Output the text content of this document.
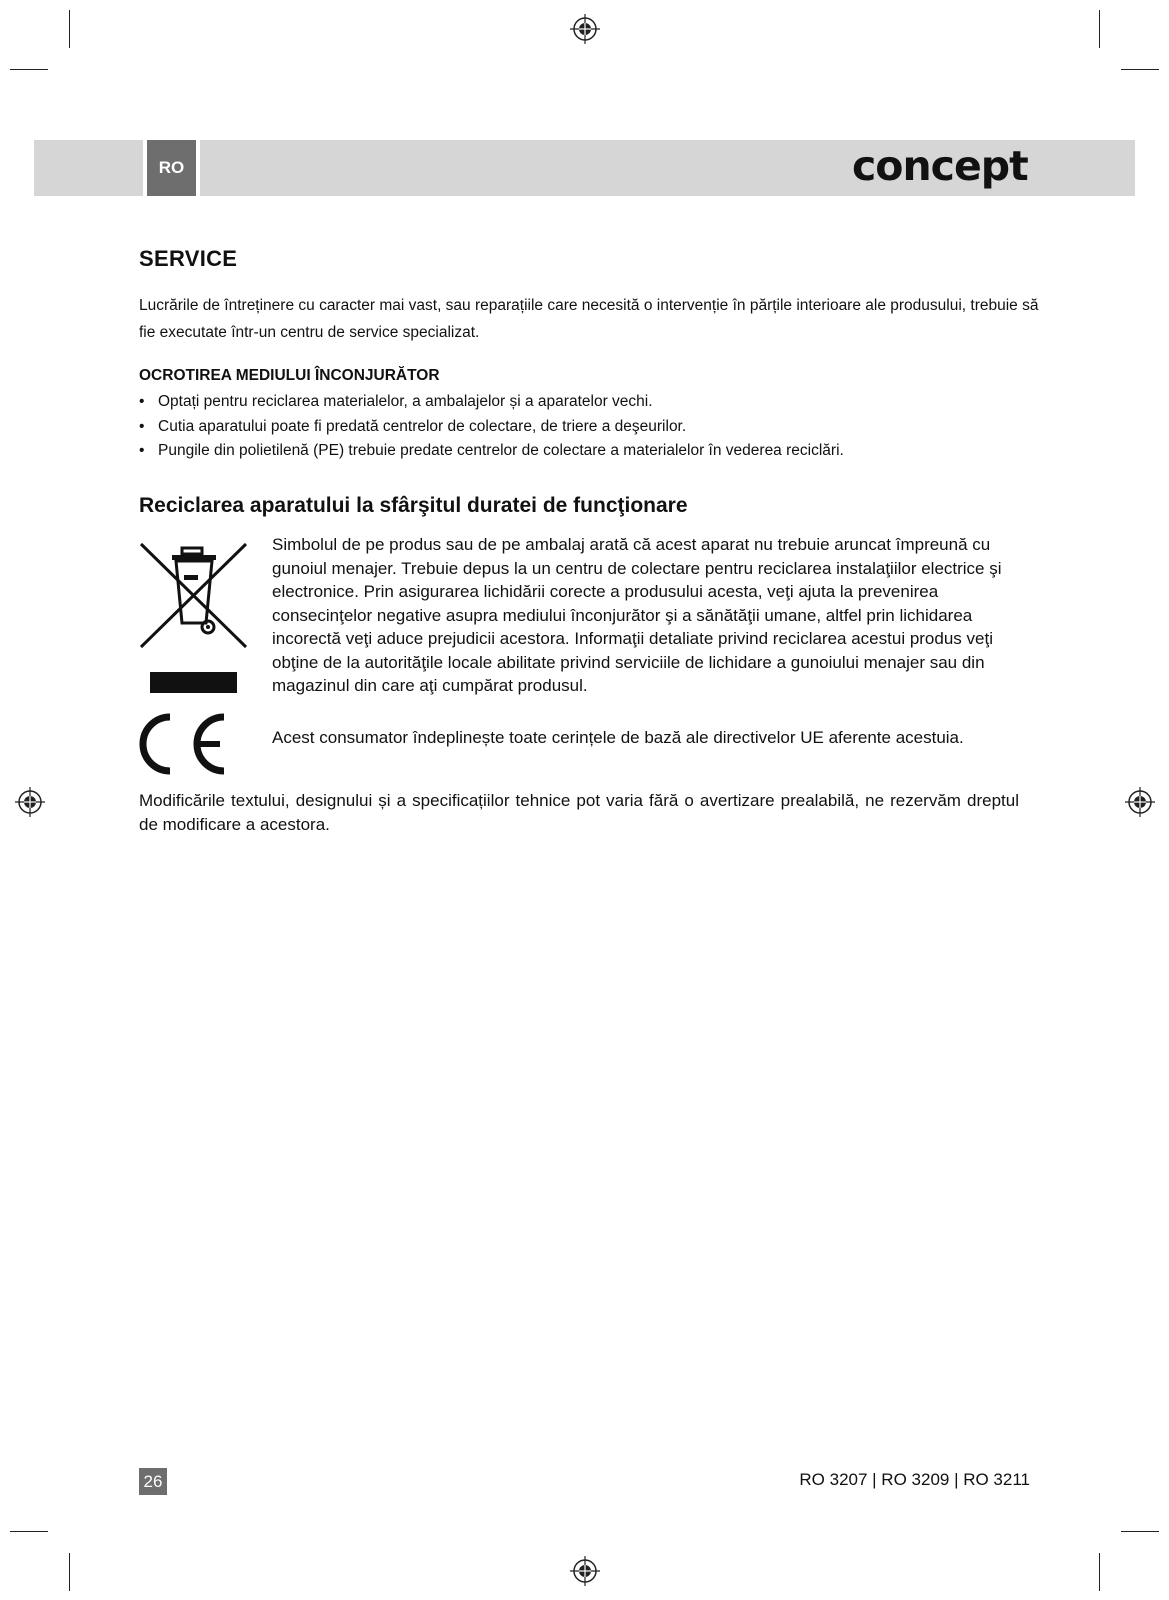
RO	concept
SERVICE

Lucrările de întreținere cu caracter mai vast, sau reparațiile care necesită o intervenție în părțile interioare ale produsului, trebuie să fie executate într-un centru de service specializat.

OCROTIREA MEDIULUI ÎNCONJURĂTOR
• Optați pentru reciclarea materialelor, a ambalajelor și a aparatelor vechi.
• Cutia aparatului poate fi predată centrelor de colectare, de triere a deşeurilor.
• Pungile din polietilenă (PE) trebuie predate centrelor de colectare a materialelor în vederea reciclări.
Reciclarea aparatului la sfârşitul duratei de funcţionare

Simbolul de pe produs sau de pe ambalaj arată că acest aparat nu trebuie aruncat împreună cu gunoiul menajer. Trebuie depus la un centru de colectare pentru reciclarea instalaţiilor electrice şi electronice. Prin asigurarea lichidării corecte a produsului acesta, veţi ajuta la prevenirea consecinţelor negative asupra mediului înconjurător şi a sănătăţii umane, altfel prin lichidarea incorectă veţi aduce prejudicii acestora. Informaţii detaliate privind reciclarea acestui produs veţi obţine de la autorităţile locale abilitate privind serviciile de lichidare a gunoiului menajer sau din magazinul din care aţi cumpărat produsul.

Acest consumator îndeplinește toate cerințele de bază ale directivelor UE aferente acestuia.

Modificările textului, designului și a specificațiilor tehnice pot varia fără o avertizare prealabilă, ne rezervăm dreptul de modificare a acestora.

26	RO 3207 | RO 3209 | RO 3211
